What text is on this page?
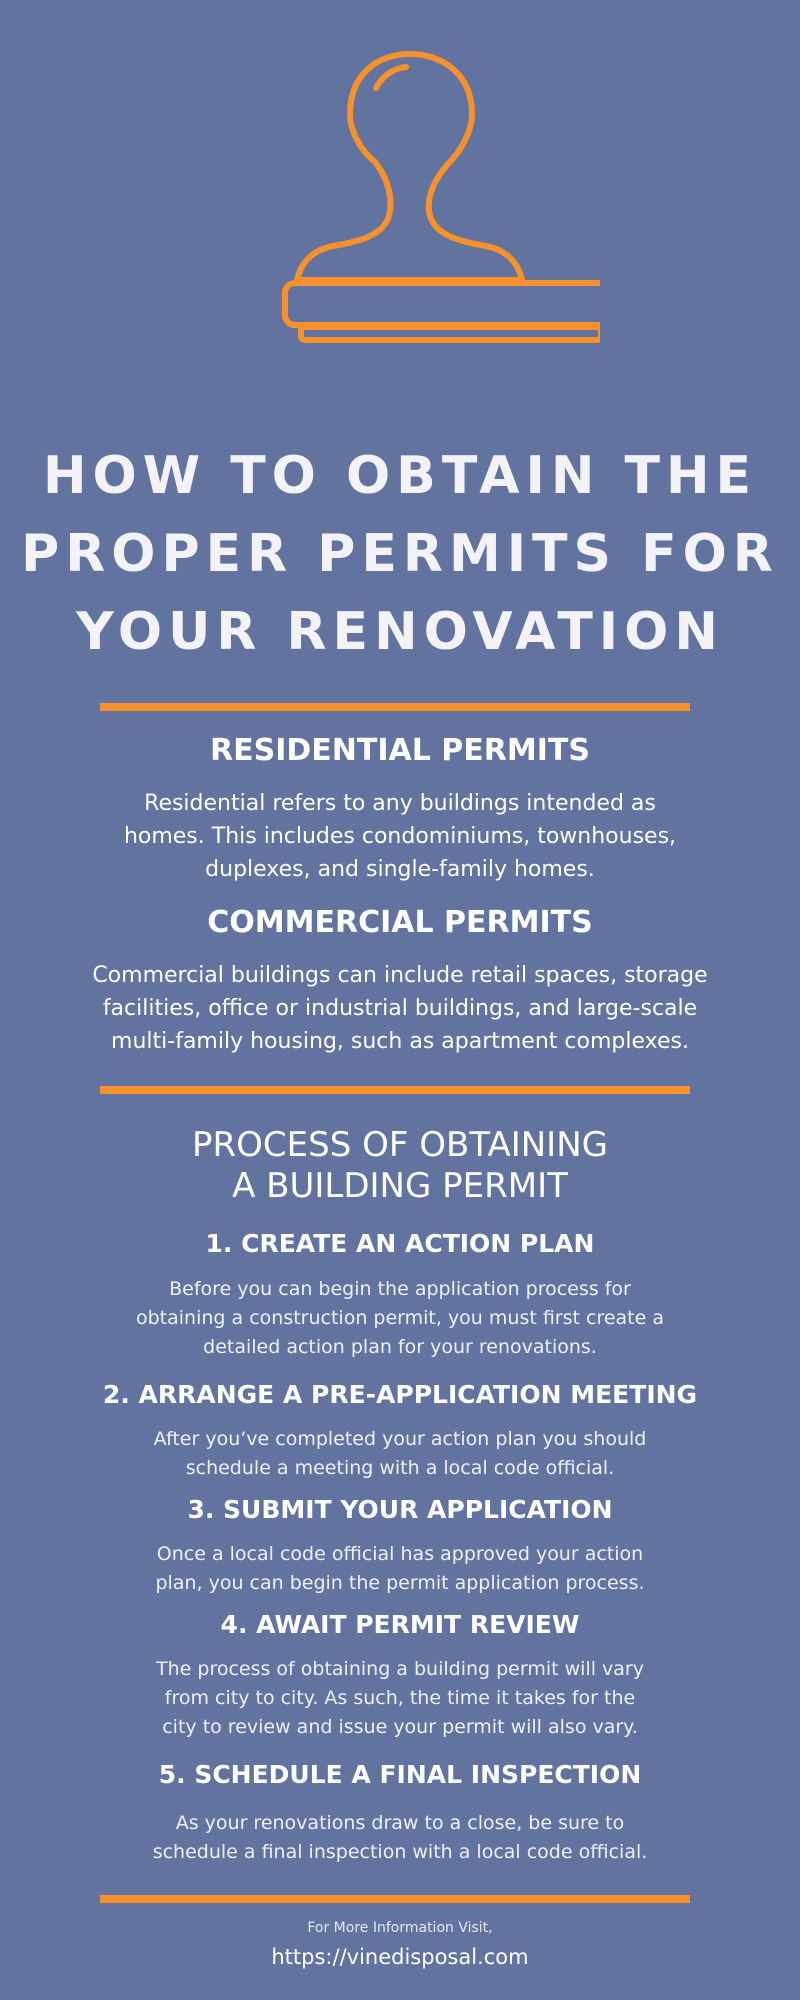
HOW TO OBTAIN THE
PROPER PERMITS FOR
YOUR RENOVATION
RESIDENTIAL PERMITS

Residential refers to any buildings intended as
homes. This includes condominiums, townhouses,
duplexes, and single-family homes.

COMMERCIAL PERMITS

Commercial buildings can include retail spaces, storage
facilities, office or industrial buildings, and large-scale
multi-family housing, such as apartment complexes.

PROCESS OF OBTAINING
A BUILDING PERMIT
1. CREATE AN ACTION PLAN

Before you can begin the application process for
obtaining a construction permit, you must first create a
detailed action plan for your renovations.

2. ARRANGE A PRE-APPLICATION MEETING

After you’ve completed your action plan you should
schedule a meeting with a local code official.

3. SUBMIT YOUR APPLICATION

Once a local code official has approved your action
plan, you can begin the permit application process.

4. AWAIT PERMIT REVIEW

The process of obtaining a building permit will vary
from city to city. As such, the time it takes for the
city to review and issue your permit will also vary.

5. SCHEDULE A FINAL INSPECTION

As your renovations draw to a close, be sure to
schedule a final inspection with a local code official.

For More Information Visit,
https://vinedisposal.com
